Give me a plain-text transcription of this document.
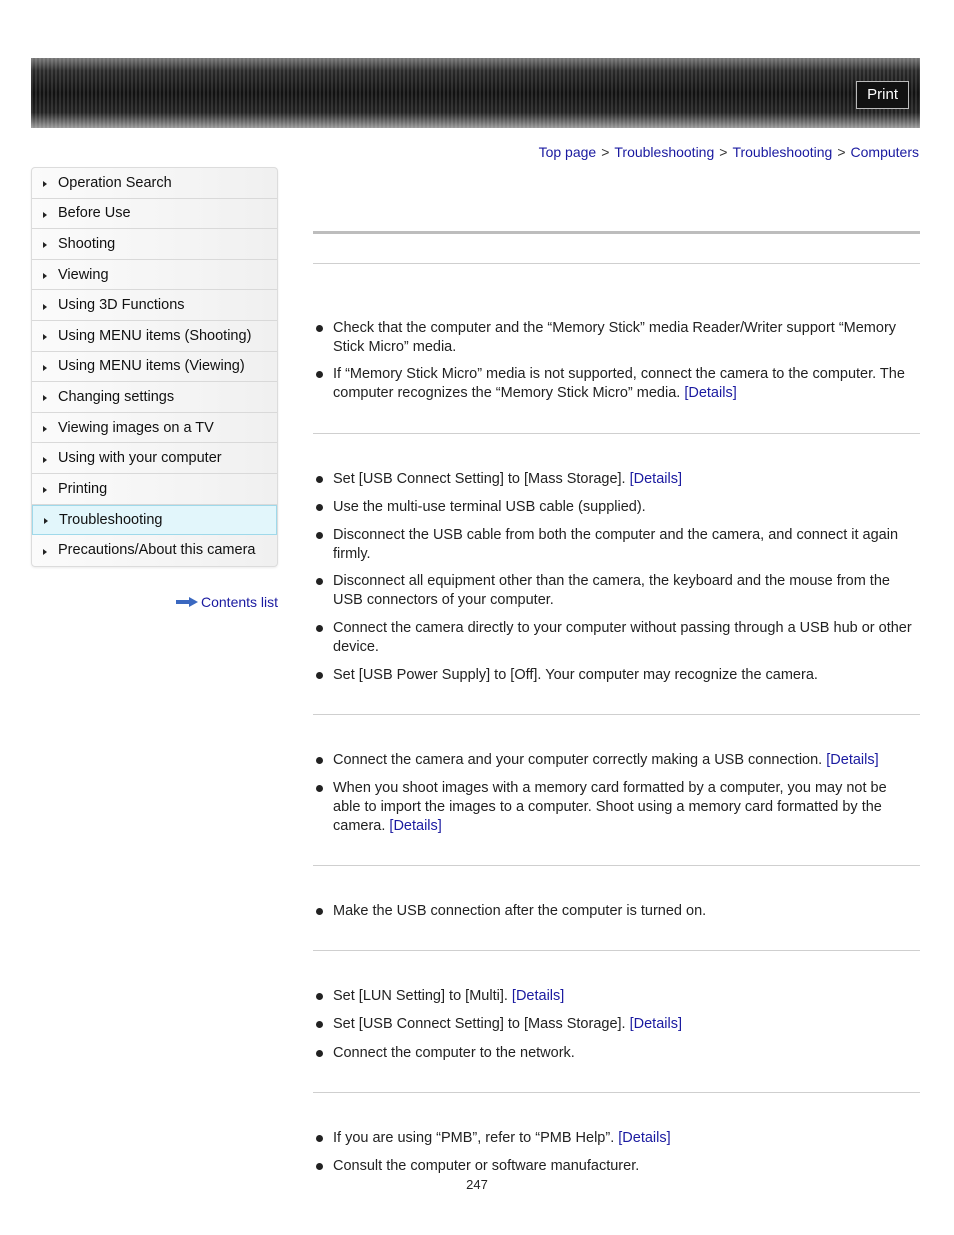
Print
Top page > Troubleshooting > Troubleshooting > Computers
Operation Search
Before Use
Shooting
Viewing
Using 3D Functions
Using MENU items (Shooting)
Using MENU items (Viewing)
Changing settings
Viewing images on a TV
Using with your computer
Printing
Troubleshooting
Precautions/About this camera
Contents list
Check that the computer and the “Memory Stick” media Reader/Writer support “Memory Stick Micro” media.
If “Memory Stick Micro” media is not supported, connect the camera to the computer. The computer recognizes the “Memory Stick Micro” media. [Details]
Set [USB Connect Setting] to [Mass Storage]. [Details]
Use the multi-use terminal USB cable (supplied).
Disconnect the USB cable from both the computer and the camera, and connect it again firmly.
Disconnect all equipment other than the camera, the keyboard and the mouse from the USB connectors of your computer.
Connect the camera directly to your computer without passing through a USB hub or other device.
Set [USB Power Supply] to [Off]. Your computer may recognize the camera.
Connect the camera and your computer correctly making a USB connection. [Details]
When you shoot images with a memory card formatted by a computer, you may not be able to import the images to a computer. Shoot using a memory card formatted by the camera. [Details]
Make the USB connection after the computer is turned on.
Set [LUN Setting] to [Multi]. [Details]
Set [USB Connect Setting] to [Mass Storage]. [Details]
Connect the computer to the network.
If you are using “PMB”, refer to “PMB Help”. [Details]
Consult the computer or software manufacturer.
247
